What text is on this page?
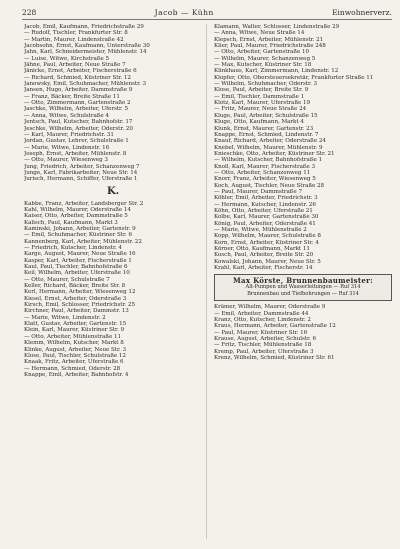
228	Jacob — Kühn	Einwohnerverz.
Jacob, Emil, Kaufmann, Friedrichstraße 29
— Rudolf, Tischler, Frankfurter Str. 8
— Martin, Maurer, Lindenstraße 42
Jacobsohn, Ernst, Kaufmann, Unterstraße 30
Jahn, Karl, Schneidermeister, Mühlenstr. 14
— Luise, Witwe, Kirchstraße 5
Jähne, Paul, Arbeiter, Neue Straße 7
Jänicke, Ernst, Arbeiter, Fischerstraße 6
— Richard, Schmied, Küstriner Str. 12
Janowsky, Emil, Schuhmacher, Mühlenstr. 3
Jansen, Hugo, Arbeiter, Dammstraße 9
— Franz, Bäcker, Breite Straße 11
— Otto, Zimmermann, Gartenstraße 2
Jaschke, Wilhelm, Arbeiter, Uferstr. 5
— Anna, Witwe, Schulstraße 4
Jentsch, Paul, Kutscher, Bahnhofstr. 17
Jeschke, Wilhelm, Arbeiter, Oderstr. 20
— Karl, Maurer, Friedrichstr. 31
Jordan, Gustav, Lehrer, Schulstraße 1
— Marie, Witwe, Lindenstr. 16
Joseph, Ernst, Arbeiter, Mühlenstr. 8
— Otto, Maurer, Wiesenweg 3
Jung, Friedrich, Arbeiter, Schanzenweg 7
Junge, Karl, Fabrikarbeiter, Neue Str. 14
Jurisch, Hermann, Schiffer, Uferstraße 1
K.
Kabbe, Franz, Arbeiter, Landsberger Str. 2
Kahl, Wilhelm, Maurer, Oderstraße 14
Kaiser, Otto, Arbeiter, Dammstraße 5
Kalisch, Paul, Kaufmann, Markt 3
Kaminski, Johann, Arbeiter, Gartenstr. 9
— Emil, Schuhmacher, Küstriner Str. 6
Kannenberg, Karl, Arbeiter, Mühlenstr. 22
— Friedrich, Kutscher, Lindenstr. 4
Karge, August, Maurer, Neue Straße 16
Kasper, Karl, Arbeiter, Fischerstraße 1
Kaul, Paul, Tischler, Bahnhofstraße 6
Keil, Wilhelm, Arbeiter, Uferstraße 10
— Otto, Maurer, Schulstraße 7
Keller, Richard, Bäcker, Breite Str. 8
Kerl, Hermann, Arbeiter, Wiesenweg 12
Kiesel, Ernst, Arbeiter, Oderstraße 3
Kirsch, Emil, Schlosser, Friedrichstr. 25
Kirchner, Paul, Arbeiter, Dammstr. 13
— Marie, Witwe, Lindenstr. 2
Klatt, Gustav, Arbeiter, Gartenstr. 15
Klein, Karl, Maurer, Küstriner Str. 9
— Otto, Arbeiter, Mühlenstraße 11
Klemm, Wilhelm, Kutscher, Markt 8
Klinke, August, Arbeiter, Neue Str. 3
Klose, Paul, Tischler, Schulstraße 12
Knaak, Fritz, Arbeiter, Uferstraße 6
— Hermann, Schmied, Oderstr. 28
Knappe, Emil, Arbeiter, Bahnhofstr. 4
Klamann, Walter, Schlosser, Lindenstraße 29
— Anna, Witwe, Neue Straße 14
Klepsch, Ernst, Arbeiter, Mühlenstr. 21
Klier, Paul, Maurer, Friedrichstraße 248
— Otto, Arbeiter, Gartenstraße 10
— Wilhelm, Maurer, Schanzenweg 5
— Max, Kutscher, Küstriner Str. 18
Klinkhaus, Karl, Zimmermann, Lindenstr. 12
Klopfer, Otto, Obersteuersekretär, Frankfurter Straße 11
— Wilhelm, Schuhmacher, Oderstr. 3
Klose, Paul, Arbeiter, Breite Str. 9
— Emil, Tischler, Dammstraße 1
Klotz, Karl, Maurer, Uferstraße 19
— Fritz, Maurer, Neue Straße 24
Kluge, Paul, Arbeiter, Schulstraße 15
Kluge, Otto, Kaufmann, Markt 4
Klunk, Ernst, Maurer, Gartenstr. 23
Knappe, Ernst, Schmied, Lindenstr. 7
Knauf, Richard, Arbeiter, Oderstraße 24
Knebel, Wilhelm, Maurer, Mühlenstr. 9
Knieschke, Otto, Arbeiter, Küstriner Str. 21
— Wilhelm, Kutscher, Bahnhofstraße 1
Knoll, Karl, Maurer, Fischerstraße 3
— Otto, Arbeiter, Schanzenweg 11
Knorr, Franz, Arbeiter, Wiesenweg 5
Koch, August, Tischler, Neue Straße 28
— Paul, Maurer, Dammstraße 7
Köhler, Emil, Arbeiter, Friedrichstr. 3
— Hermann, Kutscher, Lindenstr. 26
Köhn, Otto, Arbeiter, Uferstraße 21
Kolbe, Karl, Maurer, Gartenstraße 30
König, Paul, Arbeiter, Oderstraße 41
— Marie, Witwe, Mühlenstraße 2
Kopp, Wilhelm, Maurer, Schulstraße 8
Korn, Ernst, Arbeiter, Küstriner Str. 4
Körner, Otto, Kaufmann, Markt 11
Kosch, Paul, Arbeiter, Breite Str. 20
Kowalski, Johann, Maurer, Neue Str. 5
Krahl, Karl, Arbeiter, Fischerstr. 14
Max Körste, Brunnenbaumeister:
Alt-Pumpen und Wasserleitungen — Ruf 314
Brunnenbau und Tiefbohrungen — Ruf 314
Krämer, Wilhelm, Maurer, Oderstraße 9
— Emil, Arbeiter, Dammstraße 44
Kranz, Otto, Kutscher, Lindenstr. 2
Kraus, Hermann, Arbeiter, Gartenstraße 12
— Paul, Maurer, Küstriner Str. 16
Krause, August, Arbeiter, Schulstr. 6
— Fritz, Tischler, Mühlenstraße 18
Kremp, Paul, Arbeiter, Uferstraße 3
Krenz, Wilhelm, Schmied, Küstriner Str. 61
